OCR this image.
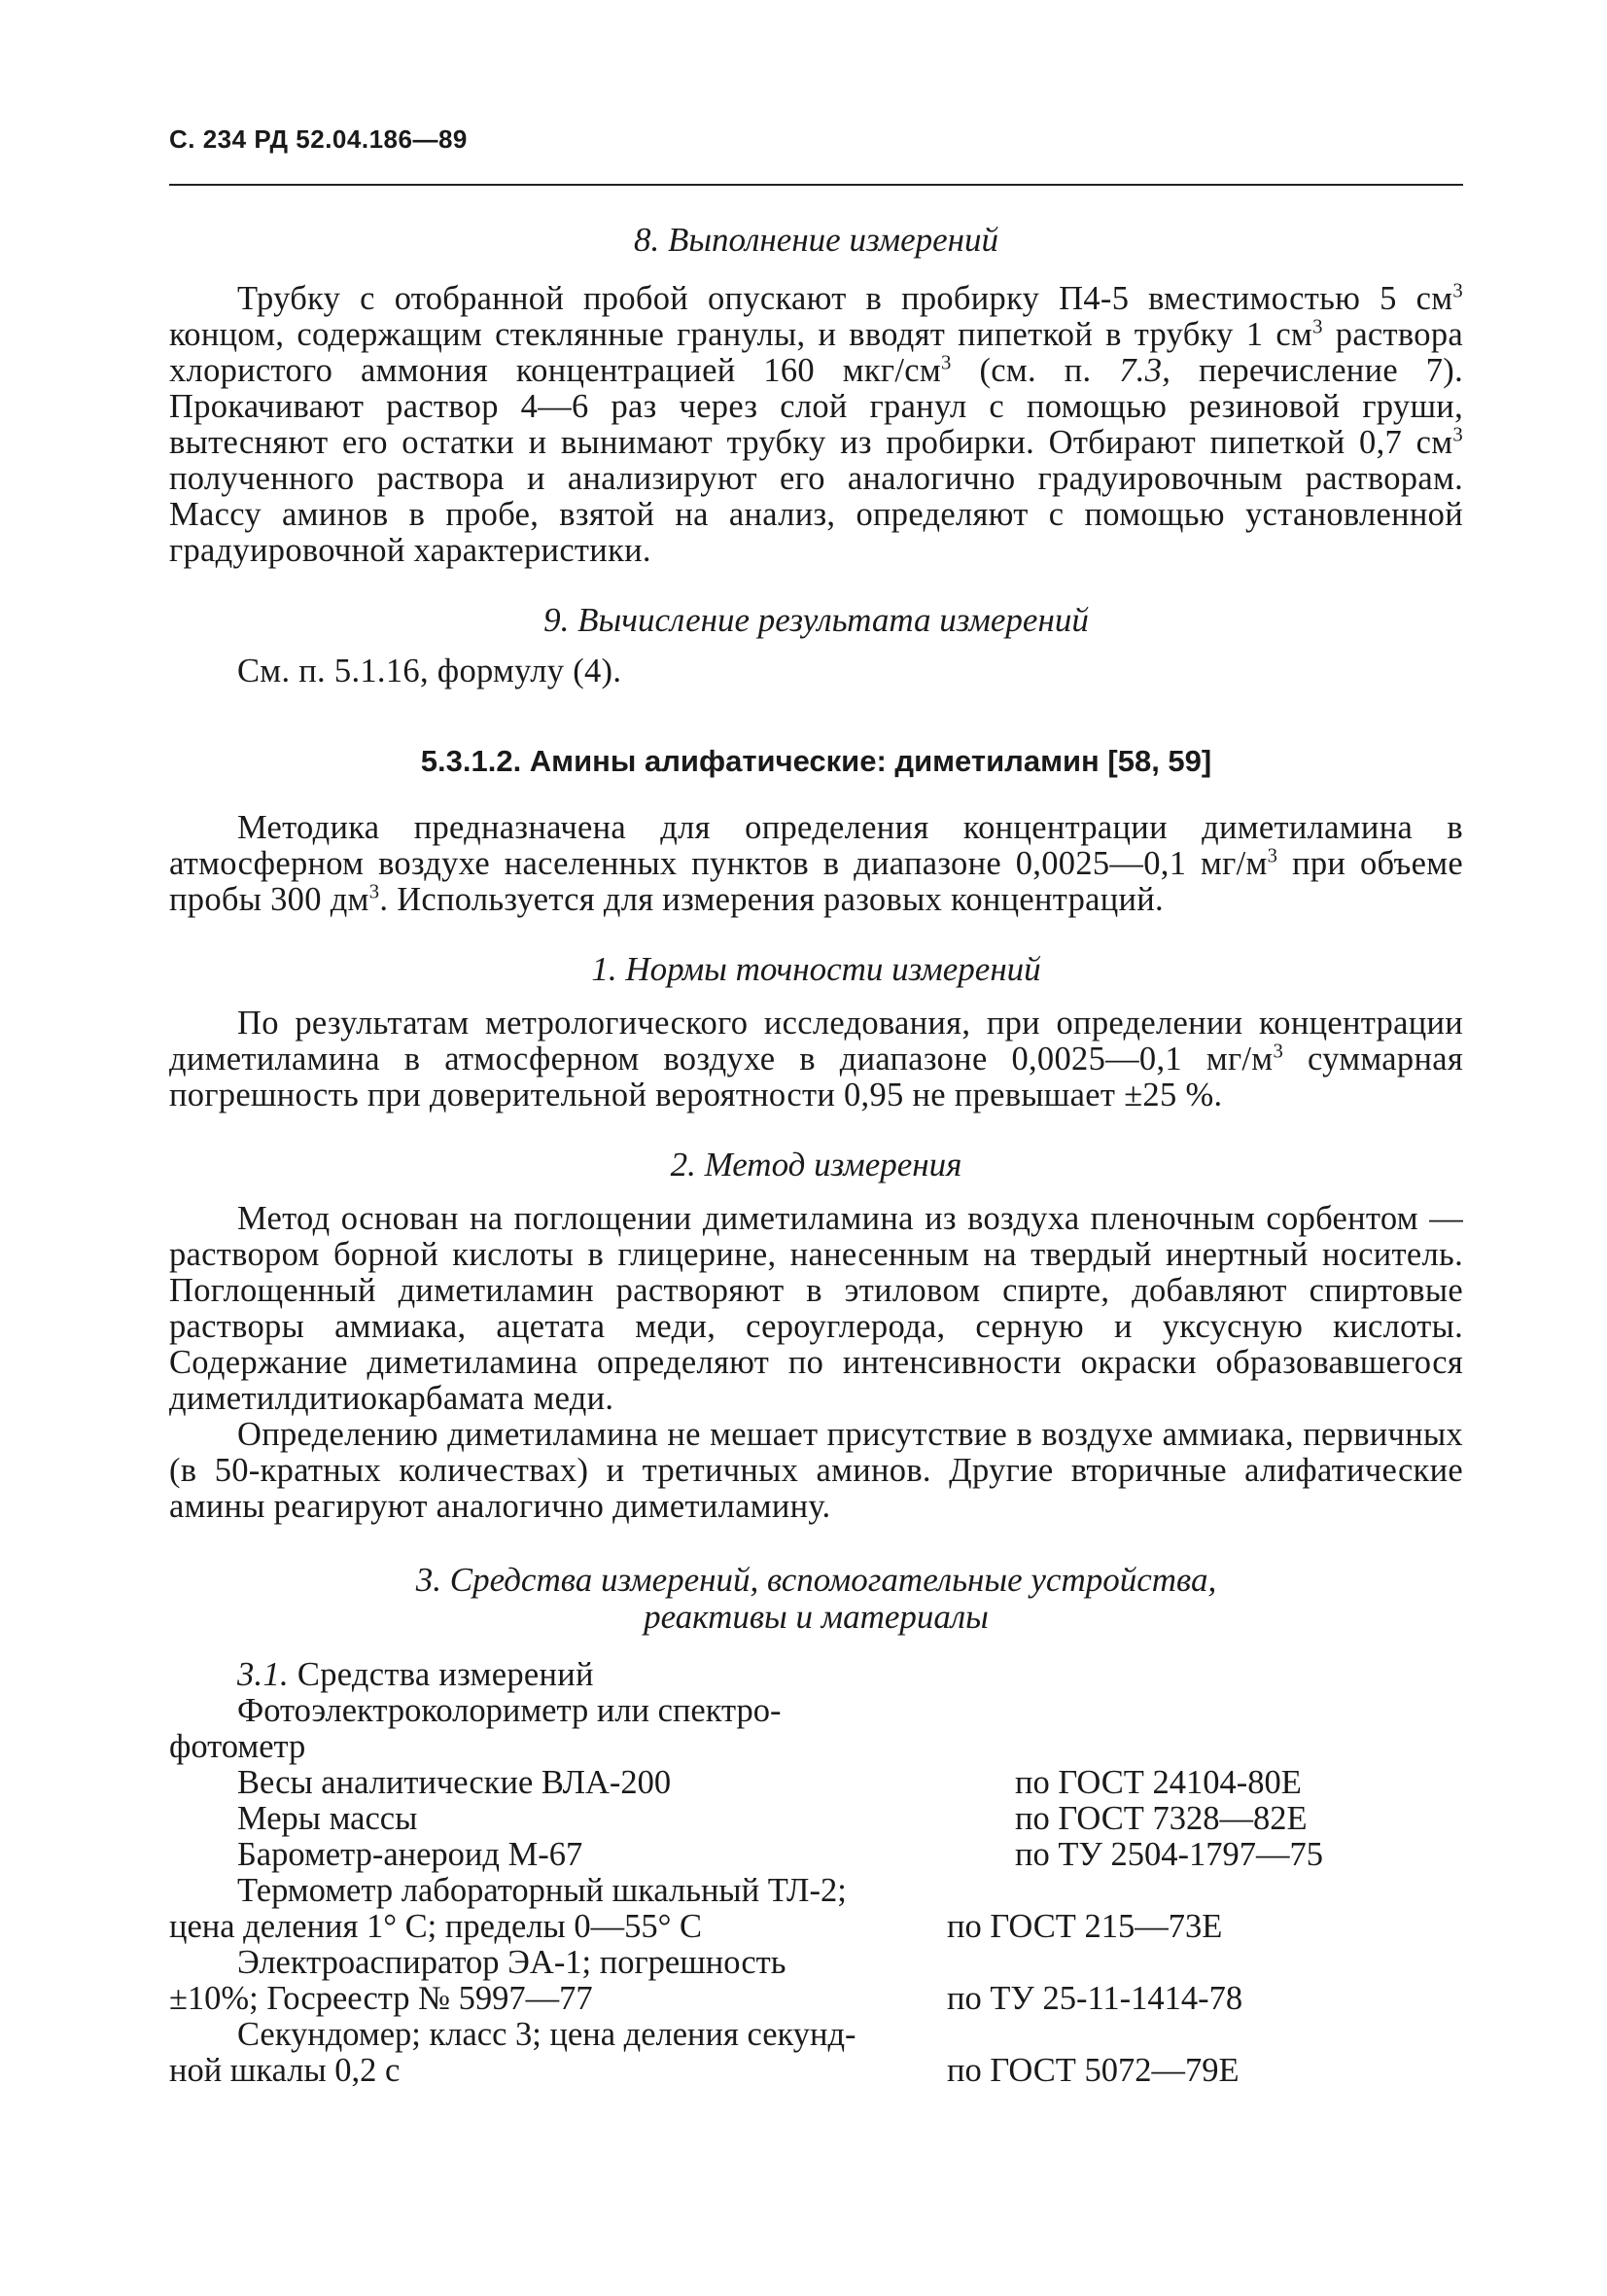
С. 234 РД 52.04.186—89
8. Выполнение измерений
Трубку с отобранной пробой опускают в пробирку П4-5 вместимостью 5 $см^3$ концом, содержащим стеклянные гранулы, и вводят пипеткой в трубку 1 $см^3$ раствора хлористого аммония концентрацией 160 мкг/$см^3$ (см. п. 7.3, перечисление 7). Прокачивают раствор 4—6 раз через слой гранул с помощью резиновой груши, вытесняют его остатки и вынимают трубку из пробирки. Отбирают пипеткой 0,7 $см^3$ полученного раствора и анализируют его аналогично градуировочным растворам. Массу аминов в пробе, взятой на анализ, определяют с помощью установленной градуировочной характеристики.
9. Вычисление результата измерений
См. п. 5.1.16, формулу (4).
5.3.1.2. Амины алифатические: диметиламин [58, 59]
Методика предназначена для определения концентрации диметиламина в атмосферном воздухе населенных пунктов в диапазоне 0,0025—0,1 $мг/м^3$ при объеме пробы 300 $дм^3$. Используется для измерения разовых концентраций.
1. Нормы точности измерений
По результатам метрологического исследования, при определении концентрации диметиламина в атмосферном воздухе в диапазоне 0,0025—0,1 $мг/м^3$ суммарная погрешность при доверительной вероятности 0,95 не превышает ±25 %.
2. Метод измерения
Метод основан на поглощении диметиламина из воздуха пленочным сорбентом — раствором борной кислоты в глицерине, нанесенным на твердый инертный носитель. Поглощенный диметиламин растворяют в этиловом спирте, добавляют спиртовые растворы аммиака, ацетата меди, сероуглерода, серную и уксусную кислоты. Содержание диметиламина определяют по интенсивности окраски образовавшегося диметилдитиокарбамата меди.
Определению диметиламина не мешает присутствие в воздухе аммиака, первичных (в 50-кратных количествах) и третичных аминов. Другие вторичные алифатические амины реагируют аналогично диметиламину.
3. Средства измерений, вспомогательные устройства,
реактивы и материалы
3.1. Средства измерений
Фотоэлектроколориметр или спектро-
фотометр
Весы аналитические ВЛА-200	по ГОСТ 24104-80Е
Меры массы	по ГОСТ 7328—82Е
Барометр-анероид М-67	по ТУ 2504-1797—75
Термометр лабораторный шкальный ТЛ-2;
цена деления 1° С; пределы 0—55° С	по ГОСТ 215—73Е
Электроаспиратор ЭА-1; погрешность
±10%; Госреестр № 5997—77	по ТУ 25-11-1414-78
Секундомер; класс 3; цена деления секунд-
ной шкалы 0,2 с	по ГОСТ 5072—79Е
